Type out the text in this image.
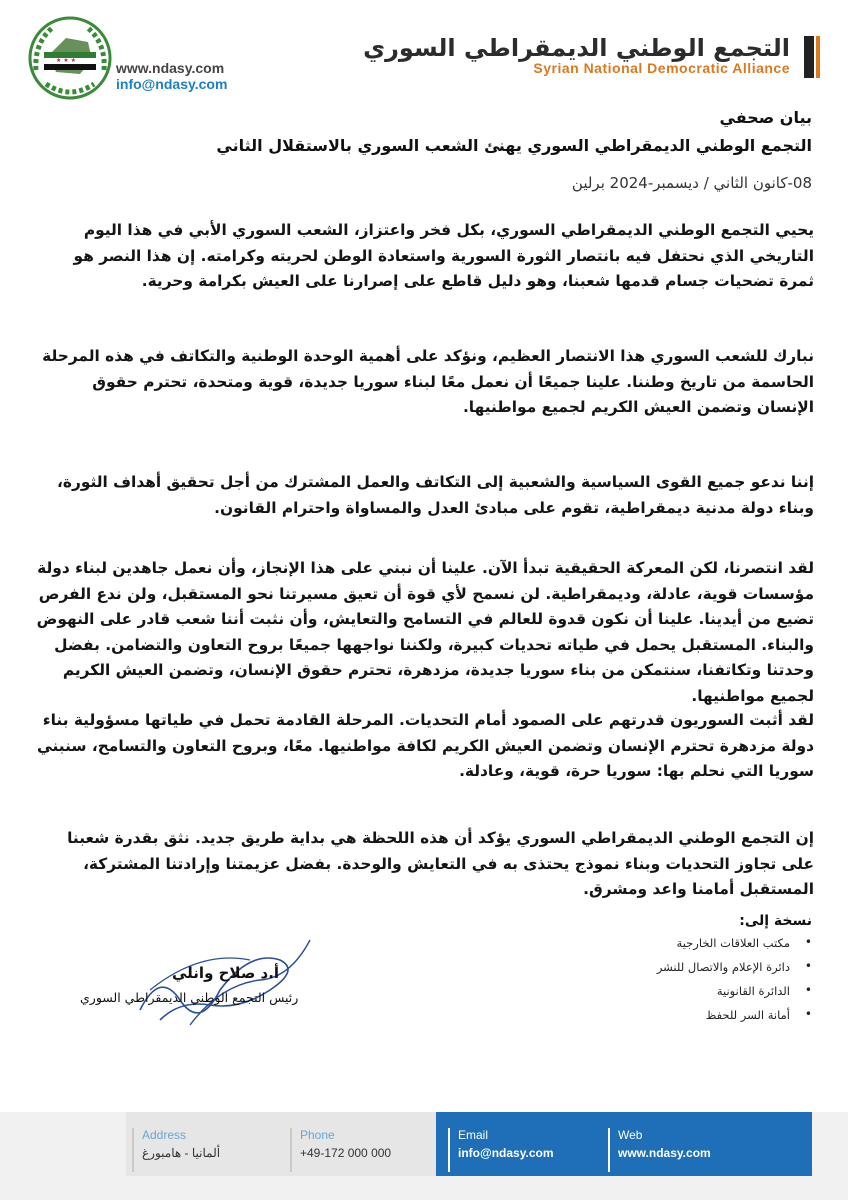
التجمع الوطني الديمقراطي السوري
Syrian National Democratic Alliance
★ ★ ★	www.ndasy.com
info@ndasy.com
بيان صحفي
التجمع الوطني الديمقراطي السوري يهنئ الشعب السوري بالاستقلال الثاني
08-كانون الثاني / ديسمبر-2024 برلين
يحيي التجمع الوطني الديمقراطي السوري، بكل فخر واعتزاز، الشعب السوري الأبي في هذا اليوم التاريخي الذي نحتفل فيه بانتصار الثورة السورية واستعادة الوطن لحريته وكرامته. إن هذا النصر هو ثمرة تضحيات جسام قدمها شعبنا، وهو دليل قاطع على إصرارنا على العيش بكرامة وحرية.
نبارك للشعب السوري هذا الانتصار العظيم، ونؤكد على أهمية الوحدة الوطنية والتكاتف في هذه المرحلة الحاسمة من تاريخ وطننا. علينا جميعًا أن نعمل معًا لبناء سوريا جديدة، قوية ومتحدة، تحترم حقوق الإنسان وتضمن العيش الكريم لجميع مواطنيها.
إننا ندعو جميع القوى السياسية والشعبية إلى التكاتف والعمل المشترك من أجل تحقيق أهداف الثورة، وبناء دولة مدنية ديمقراطية، تقوم على مبادئ العدل والمساواة واحترام القانون.
لقد انتصرنا، لكن المعركة الحقيقية تبدأ الآن. علينا أن نبني على هذا الإنجاز، وأن نعمل جاهدين لبناء دولة مؤسسات قوية، عادلة، وديمقراطية. لن نسمح لأي قوة أن تعيق مسيرتنا نحو المستقبل، ولن ندع الفرص تضيع من أيدينا. علينا أن نكون قدوة للعالم في التسامح والتعايش، وأن نثبت أننا شعب قادر على النهوض والبناء. المستقبل يحمل في طياته تحديات كبيرة، ولكننا نواجهها جميعًا بروح التعاون والتضامن. بفضل وحدتنا وتكاتفنا، سنتمكن من بناء سوريا جديدة، مزدهرة، تحترم حقوق الإنسان، وتضمن العيش الكريم لجميع مواطنيها.
لقد أثبت السوريون قدرتهم على الصمود أمام التحديات. المرحلة القادمة تحمل في طياتها مسؤولية بناء دولة مزدهرة تحترم الإنسان وتضمن العيش الكريم لكافة مواطنيها. معًا، وبروح التعاون والتسامح، سنبني سوريا التي نحلم بها: سوريا حرة، قوية، وعادلة.
إن التجمع الوطني الديمقراطي السوري يؤكد أن هذه اللحظة هي بداية طريق جديد. نثق بقدرة شعبنا على تجاوز التحديات وبناء نموذج يحتذى به في التعايش والوحدة. بفضل عزيمتنا وإرادتنا المشتركة، المستقبل أمامنا واعد ومشرق.
نسخة إلى:
• مكتب العلاقات الخارجية
• دائرة الإعلام والاتصال للنشر
• الدائرة القانونية
• أمانة السر للحفظ
أ.د صلاح وانلي
رئيس التجمع الوطني الديمقراطي السوري
Address
ألمانيا - هامبورغ
Phone
+49-172 000 000
Email
info@ndasy.com
Web
www.ndasy.com
